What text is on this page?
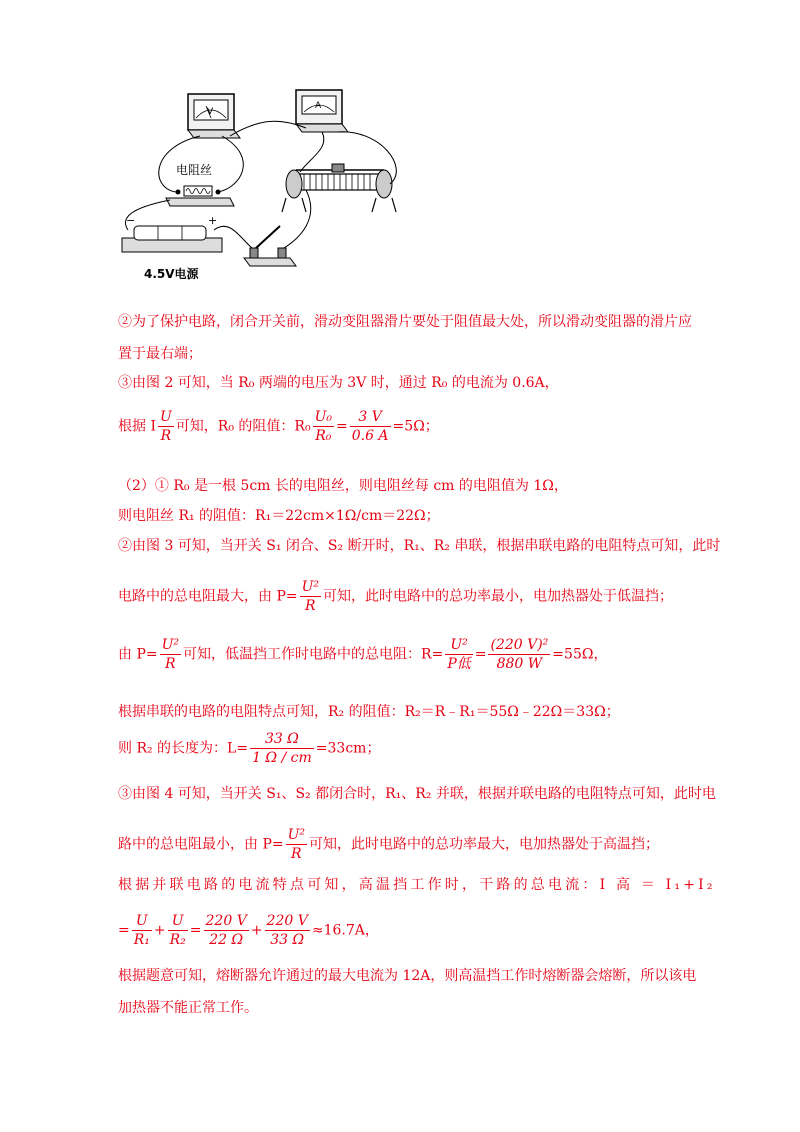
V
A
电阻丝
−	+
4.5V电源
②为了保护电路，闭合开关前，滑动变阻器滑片要处于阻值最大处，所以滑动变阻器的滑片应
置于最右端；
③由图 2 可知，当 R₀ 两端的电压为 3V 时，通过 R₀ 的电流为 0.6A，
根据 I $\frac{U}{R}$ 可知，R₀ 的阻值：$R_0 \frac{\text{U₀}}{\text{R₀}} = \frac{3 V}{0.6 A} =5\Omega$；
（2）① R₀ 是一根 5cm 长的电阻丝，则电阻丝每 cm 的电阻值为 1Ω，
则电阻丝 R₁ 的阻值：R₁＝22cm×1Ω/cm＝22Ω；
②由图 3 可知，当开关 S₁ 闭合、S₂ 断开时，R₁、R₂ 串联，根据串联电路的电阻特点可知，此时
电路中的总电阻最大，由 $P= \frac{\text{U²}}{R}$ 可知，此时电路中的总功率最小，电加热器处于低温挡；
由 $P= \frac{\text{U²}}{R}$ 可知，低温挡工作时电路中的总电阻：$R= \frac{\text{U²}}{\text{P低}} = \frac{\text{(220 V)²}}{880 W} =55\Omega$，
根据串联的电路的电阻特点可知，R₂ 的阻值：R₂＝R﹣R₁＝55Ω﹣22Ω＝33Ω；
则 R₂ 的长度为：$L= \frac{33 \Omega}{1 \Omega / cm} =33cm$；
③由图 4 可知，当开关 S₁、S₂ 都闭合时，R₁、R₂ 并联，根据并联电路的电阻特点可知，此时电
路中的总电阻最小，由 $P= \frac{\text{U²}}{R}$ 可知，此时电路中的总功率最大，电加热器处于高温挡；
根据并联电路的电流特点可知，高温挡工作时，干路的总电流：I 高 ＝ I₁+I₂
= $\frac{U}{\text{R₁}} + \frac{U}{\text{R₂}} = \frac{220 V}{22 \Omega} + \frac{220 V}{33 \Omega} \approx 16.7A$，
根据题意可知，熔断器允许通过的最大电流为 12A，则高温挡工作时熔断器会熔断，所以该电
加热器不能正常工作。
